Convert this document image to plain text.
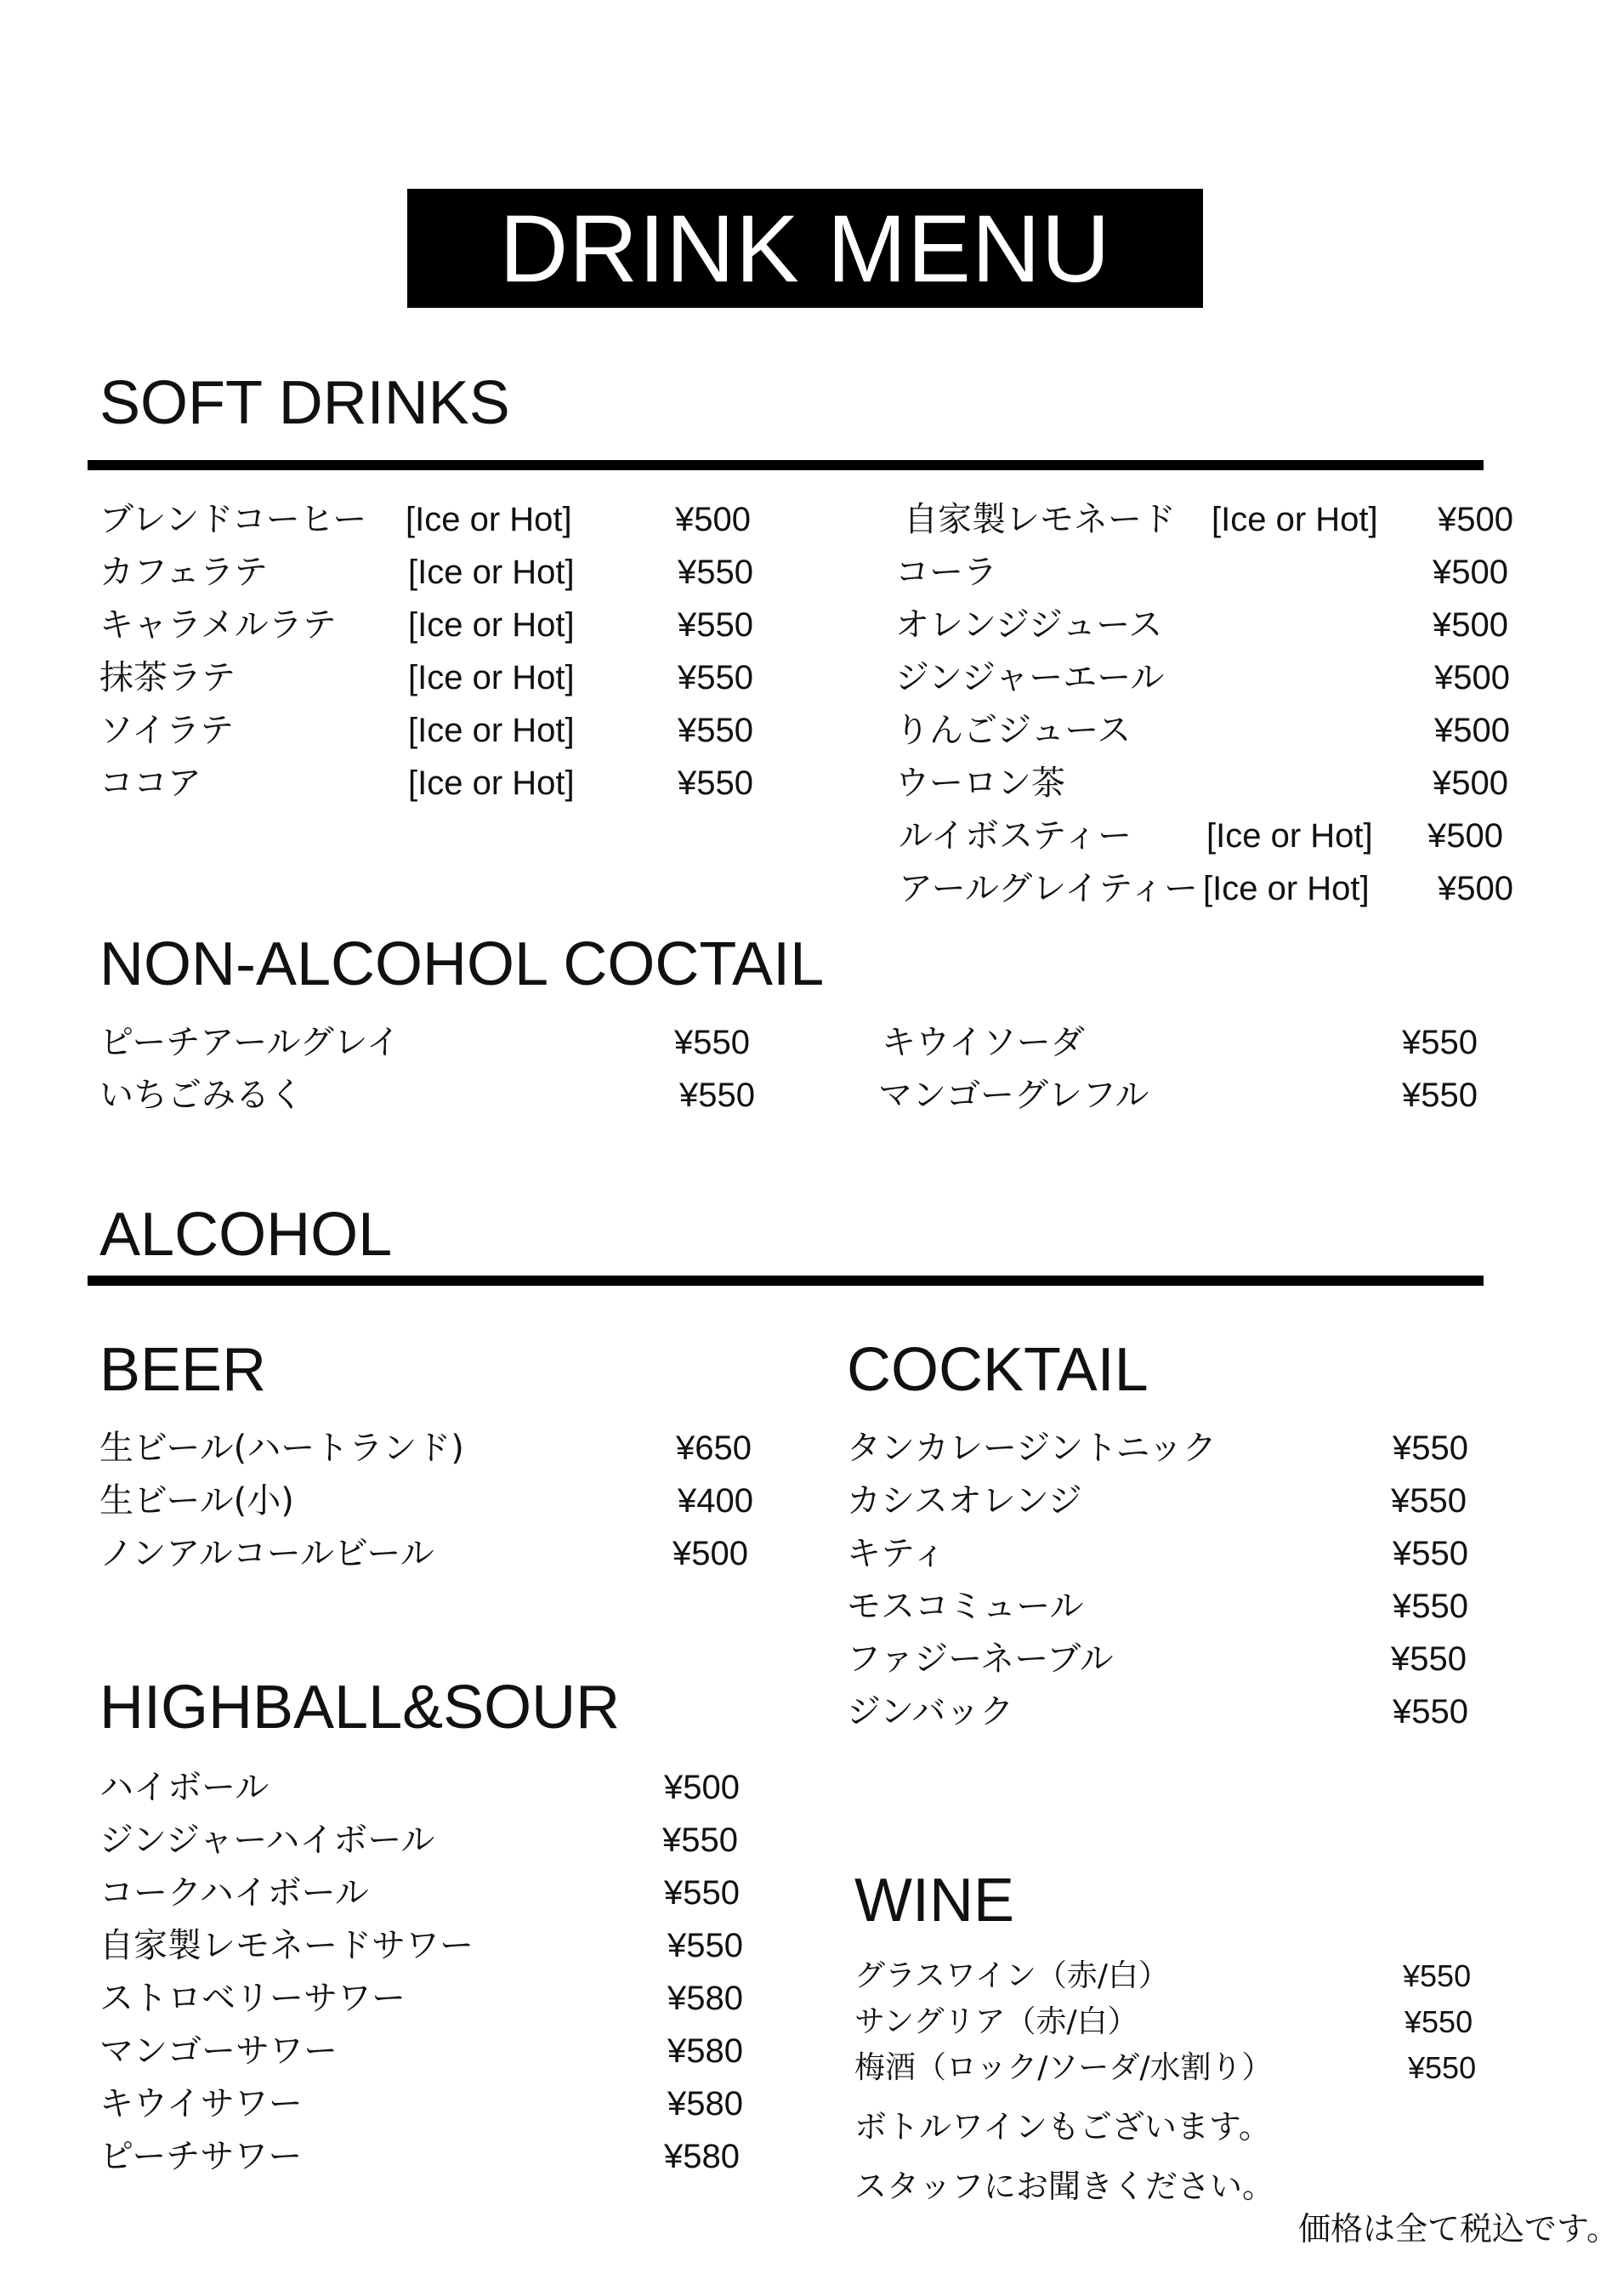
DRINK MENU
SOFT DRINKS
ブレンドコーヒー [Ice or Hot]	¥500
カフェラテ	[Ice or Hot]	¥550
キャラメルラテ [Ice or Hot]	¥550
抹茶ラテ	[Ice or Hot]	¥550
ソイラテ	[Ice or Hot]	¥550
ココア	[Ice or Hot]	¥550
自家製レモネード [Ice or Hot] ¥500
コーラ	¥500
オレンジジュース	¥500
ジンジャーエール	¥500
りんごジュース	¥500
ウーロン茶	¥500
ルイボスティー [Ice or Hot] ¥500
アールグレイティー [Ice or Hot] ¥500
NON-ALCOHOL COCTAIL
ピーチアールグレイ	¥550
いちごみるく	¥550
キウイソーダ	¥550
マンゴーグレフル	¥550
ALCOHOL
BEER
生ビール(ハートランド)	¥650
生ビール(小)	¥400
ノンアルコールビール	¥500
HIGHBALL&SOUR
ハイボール	¥500
ジンジャーハイボール	¥550
コークハイボール	¥550
自家製レモネードサワー	¥550
ストロベリーサワー	¥580
マンゴーサワー	¥580
キウイサワー	¥580
ピーチサワー	¥580
COCKTAIL
タンカレージントニック	¥550
カシスオレンジ	¥550
キティ	¥550
モスコミュール	¥550
ファジーネーブル	¥550
ジンバック	¥550
WINE
グラスワイン（赤/白）	¥550
サングリア（赤/白）	¥550
梅酒（ロック/ソーダ/水割り）	¥550
ボトルワインもございます。
スタッフにお聞きください。
価格は全て税込です。
